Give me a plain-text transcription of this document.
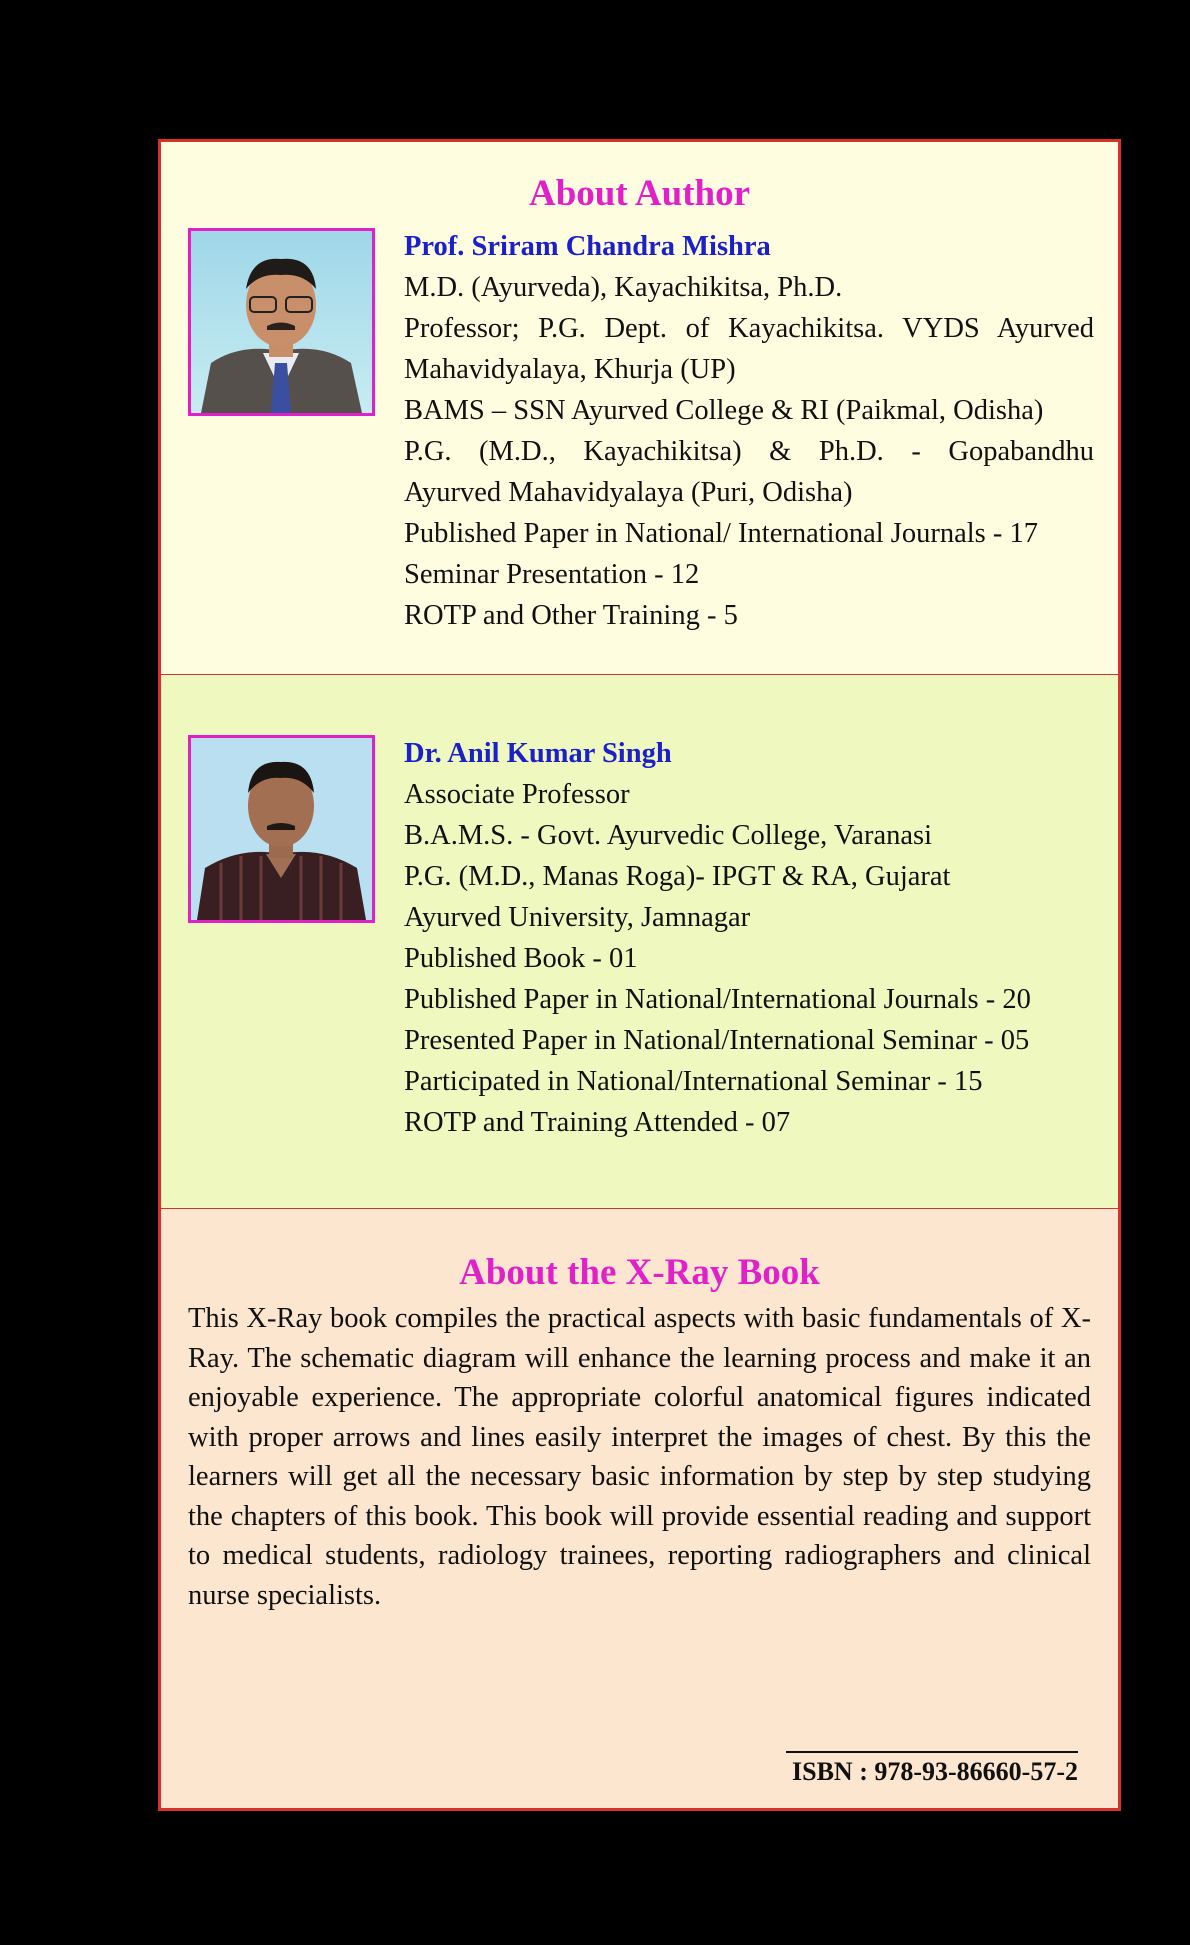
About Author
Prof. Sriram Chandra Mishra
M.D. (Ayurveda), Kayachikitsa, Ph.D.
Professor; P.G. Dept. of Kayachikitsa. VYDS Ayurved
Mahavidyalaya, Khurja (UP)
BAMS – SSN Ayurved College & RI (Paikmal, Odisha)
P.G. (M.D., Kayachikitsa) & Ph.D. - Gopabandhu
Ayurved Mahavidyalaya (Puri, Odisha)
Published Paper in National/ International Journals - 17
Seminar Presentation - 12
ROTP and Other Training - 5
Dr. Anil Kumar Singh
Associate Professor
B.A.M.S. - Govt. Ayurvedic College, Varanasi
P.G. (M.D., Manas Roga)- IPGT & RA, Gujarat
Ayurved University, Jamnagar
Published Book - 01
Published Paper in National/International Journals - 20
Presented Paper in National/International Seminar - 05
Participated in National/International Seminar - 15
ROTP and Training Attended - 07
About the X-Ray Book
This X-Ray book compiles the practical aspects with basic fundamentals of X-Ray. The schematic diagram will enhance the learning process and make it an enjoyable experience. The appropriate colorful anatomical figures indicated with proper arrows and lines easily interpret the images of chest. By this the learners will get all the necessary basic information by step by step studying the chapters of this book. This book will provide essential reading and support to medical students, radiology trainees, reporting radiographers and clinical nurse specialists.
ISBN : 978-93-86660-57-2
